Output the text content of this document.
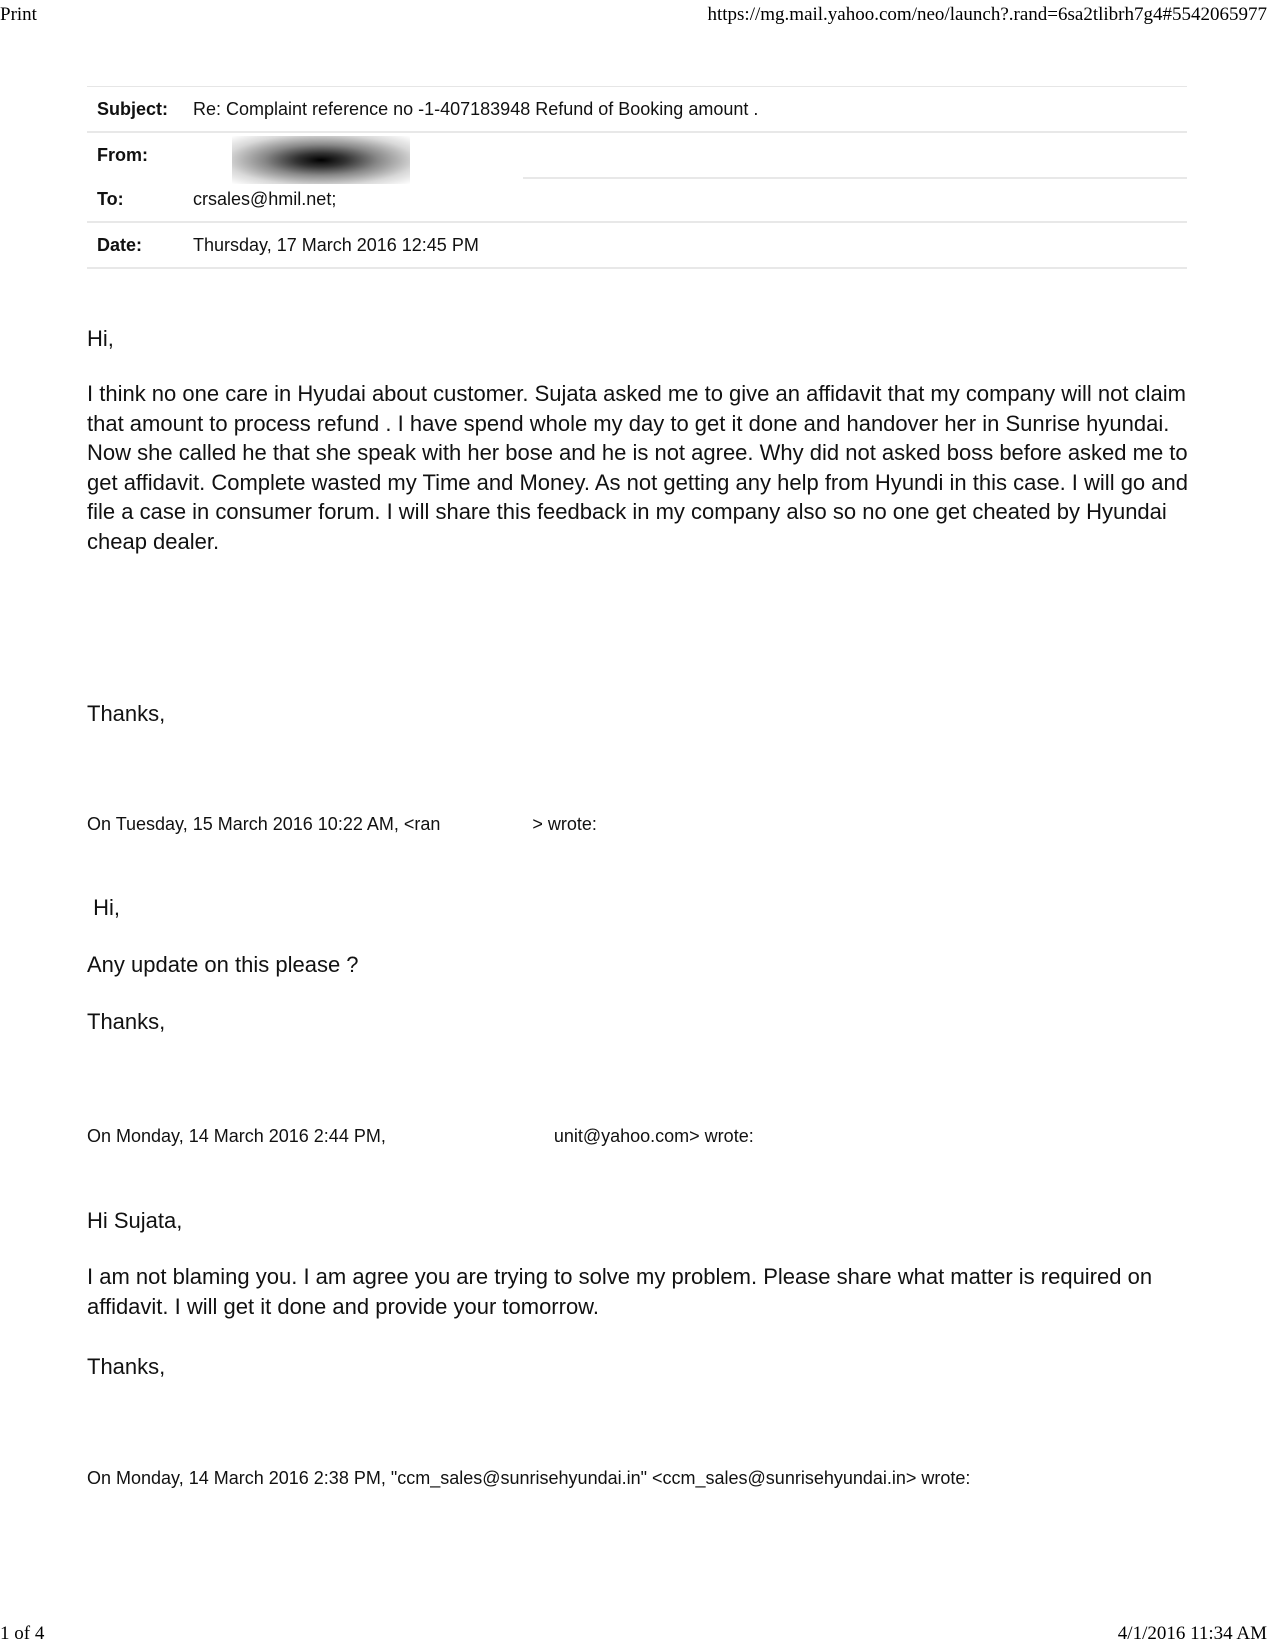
Print	https://mg.mail.yahoo.com/neo/launch?.rand=6sa2tlibrh7g4#5542065977
Subject: Re: Complaint reference no -1-407183948 Refund of Booking amount .
From:
To:	crsales@hmil.net;
Date:	Thursday, 17 March 2016 12:45 PM
Hi,

I think no one care in Hyudai about customer. Sujata asked me to give an affidavit that my company will not claim that amount to process refund . I have spend whole my day to get it done and handover her in Sunrise hyundai. Now she called he that she speak with her bose and he is not agree. Why did not asked boss before asked me to get affidavit. Complete wasted my Time and Money. As not getting any help from Hyundi in this case. I will go and file a case in consumer forum. I will share this feedback in my company also so no one get cheated by Hyundai cheap dealer.

Thanks,
On Tuesday, 15 March 2016 10:22 AM, <ran	> wrote:
Hi,
Any update on this please ?
Thanks,
On Monday, 14 March 2016 2:44 PM,	unit@yahoo.com> wrote:
Hi Sujata,

I am not blaming you. I am agree you are trying to solve my problem. Please share what matter is required on affidavit. I will get it done and provide your tomorrow.

Thanks,
On Monday, 14 March 2016 2:38 PM, "ccm_sales@sunrisehyundai.in" <ccm_sales@sunrisehyundai.in> wrote:
1 of 4	4/1/2016 11:34 AM
